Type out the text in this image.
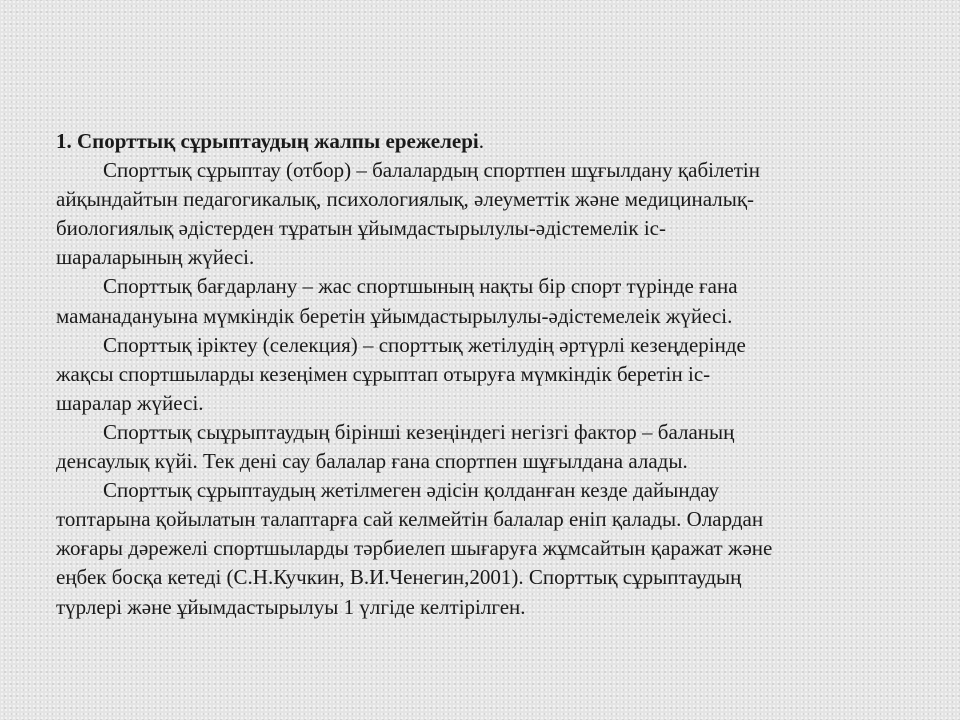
1. Спорттық сұрыптаудың жалпы ережелері.
Спорттық сұрыптау (отбор) – балалардың спортпен шұғылдану қабілетін
айқындайтын педагогикалық, психологиялық, әлеуметтік және медициналық-
биологиялық әдістерден тұратын ұйымдастырылулы-әдістемелік іс-
шараларының жүйесі.
Спорттық бағдарлану – жас спортшының нақты бір спорт түрінде ғана
маманадануына мүмкіндік беретін ұйымдастырылулы-әдістемелеік жүйесі.
Спорттық іріктеу (селекция) – спорттық жетілудің әртүрлі кезеңдерінде
жақсы спортшыларды кезеңімен сұрыптап отыруға мүмкіндік беретін іс-
шаралар жүйесі.
Спорттық сыұрыптаудың бірінші кезеңіндегі негізгі фактор – баланың
денсаулық күйі. Тек дені сау балалар ғана спортпен шұғылдана алады.
Спорттық сұрыптаудың жетілмеген әдісін қолданған кезде дайындау
топтарына қойылатын талаптарға сай келмейтін балалар еніп қалады. Олардан
жоғары дәрежелі спортшыларды тәрбиелеп шығаруға жұмсайтын қаражат және
еңбек босқа кетеді (С.Н.Кучкин, В.И.Ченегин,2001). Спорттық сұрыптаудың
түрлері және ұйымдастырылуы 1 үлгіде келтірілген.
